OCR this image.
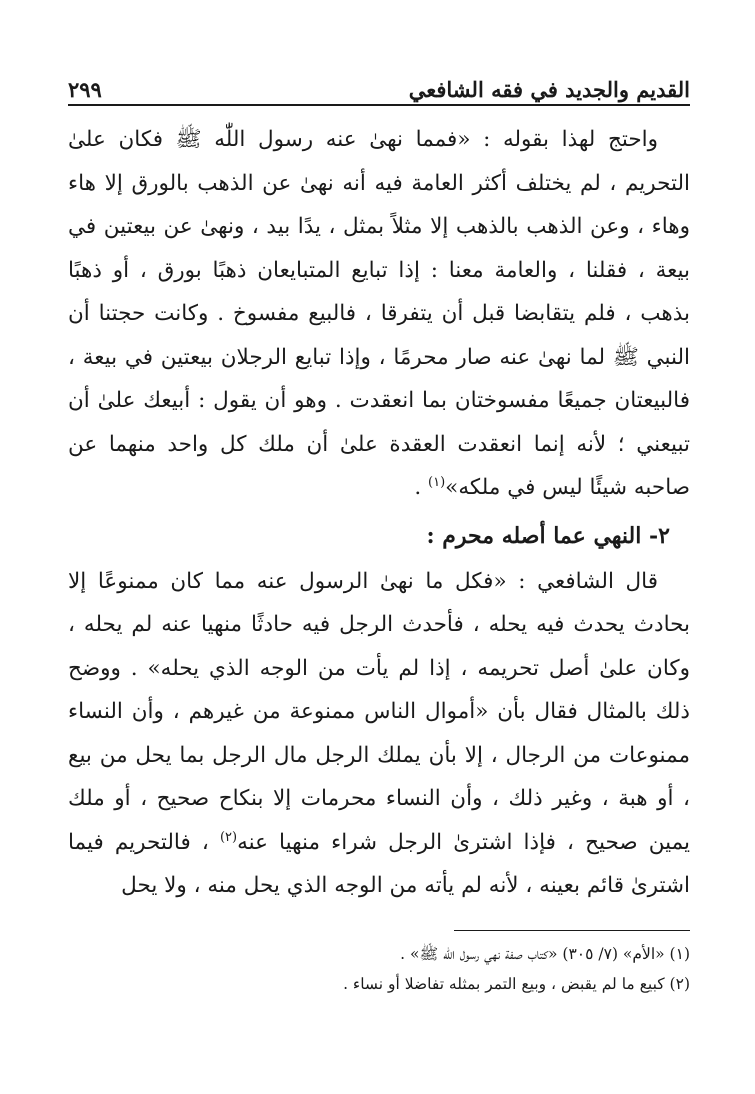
القديم والجديد في فقه الشافعي
٢٩٩

واحتج لهذا بقوله : «فمما نهىٰ عنه رسول اللّٰه ﷺ فكان علىٰ التحريم ، لم يختلف أكثر العامة فيه أنه نهىٰ عن الذهب بالورق إلا هاء وهاء ، وعن الذهب بالذهب إلا مثلاً بمثل ، يدًا بيد ، ونهىٰ عن بيعتين في بيعة ، فقلنا ، والعامة معنا : إذا تبايع المتبايعان ذهبًا بورق ، أو ذهبًا بذهب ، فلم يتقابضا قبل أن يتفرقا ، فالبيع مفسوخ . وكانت حجتنا أن النبي ﷺ لما نهىٰ عنه صار محرمًا ، وإذا تبايع الرجلان بيعتين في بيعة ، فالبيعتان جميعًا مفسوختان بما انعقدت . وهو أن يقول : أبيعك علىٰ أن تبيعني ؛ لأنه إنما انعقدت العقدة علىٰ أن ملك كل واحد منهما عن صاحبه شيئًا ليس في ملكه»$^{(١)}$ .

٢- النهي عما أصله محرم :

قال الشافعي : «فكل ما نهىٰ الرسول عنه مما كان ممنوعًا إلا بحادث يحدث فيه يحله ، فأحدث الرجل فيه حادثًا منهيا عنه لم يحله ، وكان علىٰ أصل تحريمه ، إذا لم يأت من الوجه الذي يحله» . ووضح ذلك بالمثال فقال بأن «أموال الناس ممنوعة من غيرهم ، وأن النساء ممنوعات من الرجال ، إلا بأن يملك الرجل مال الرجل بما يحل من بيع ، أو هبة ، وغير ذلك ، وأن النساء محرمات إلا بنكاح صحيح ، أو ملك يمين صحيح ، فإذا اشترىٰ الرجل شراء منهيا عنه$^{(٢)}$ ، فالتحريم فيما اشترىٰ قائم بعينه ، لأنه لم يأته من الوجه الذي يحل منه ، ولا يحل

(١) «الأم» (٧/ ٣٠٥) «كتاب صفة نهي رسول اللّٰه ﷺ» .

(٢) كبيع ما لم يقبض ، وبيع التمر بمثله تفاضلا أو نساء .
